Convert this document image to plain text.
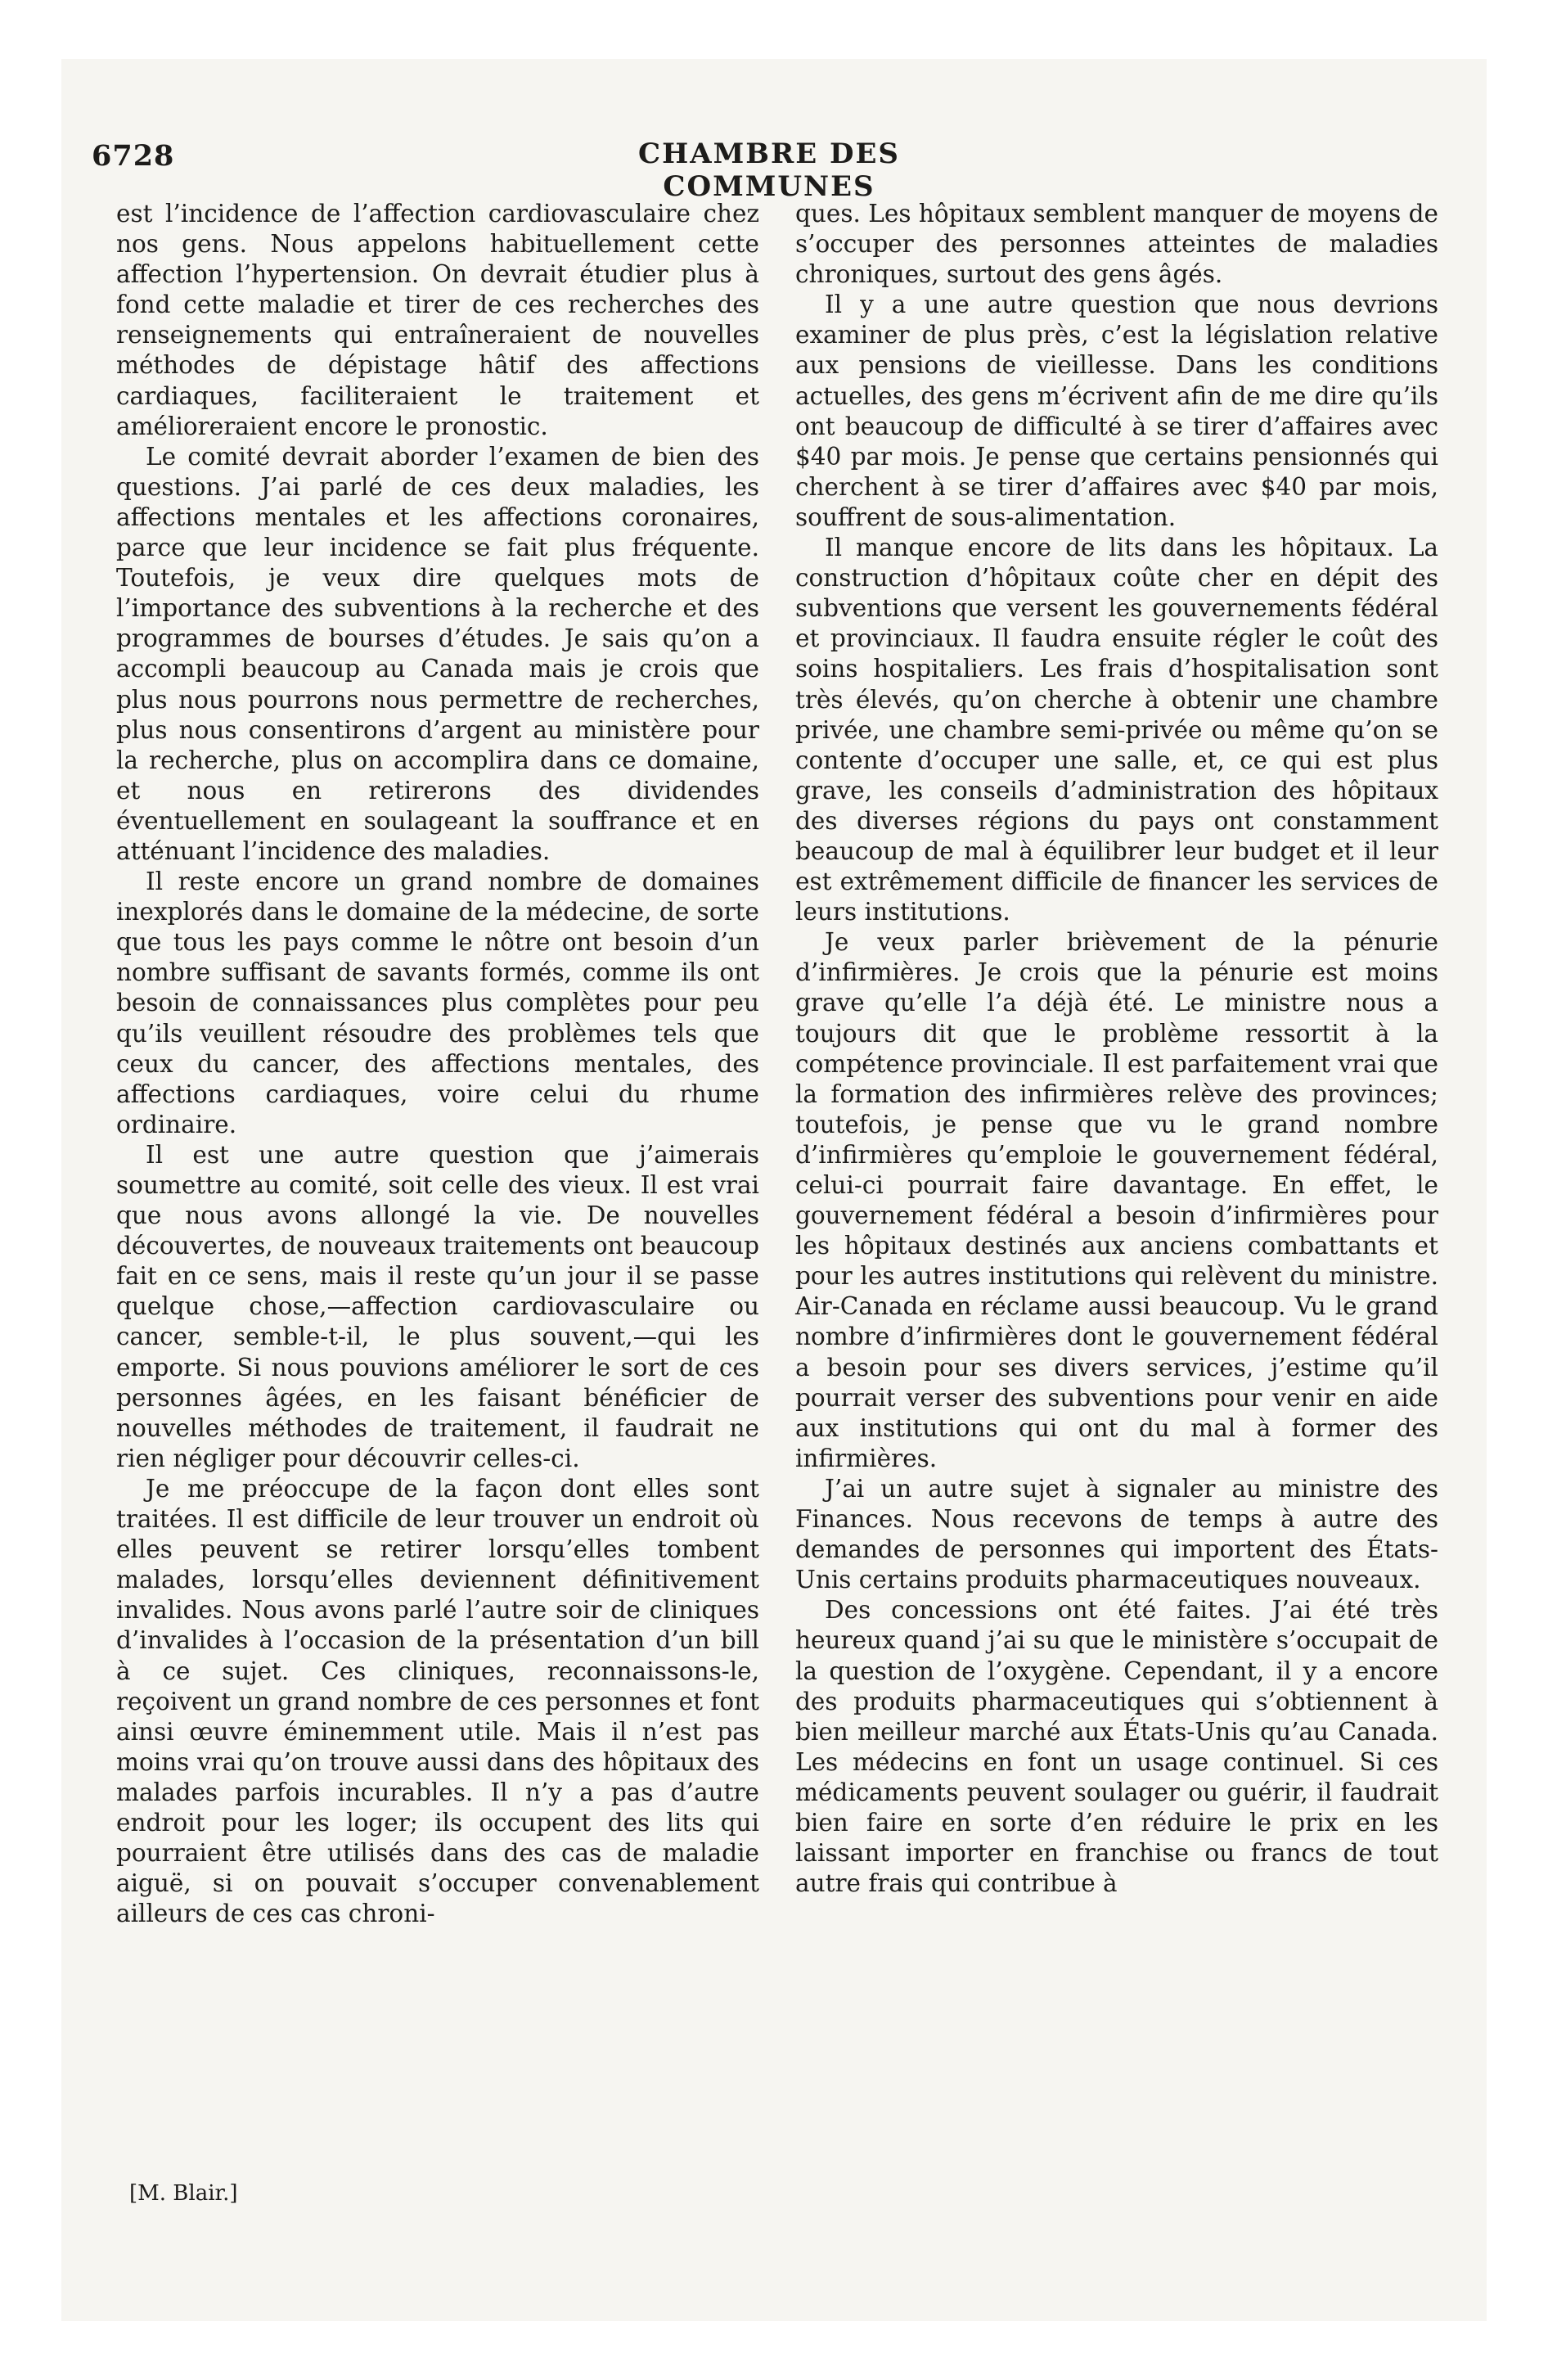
6728	CHAMBRE DES COMMUNES

est l’incidence de l’affection cardiovasculaire chez nos gens. Nous appelons habituellement cette affection l’hypertension. On devrait étudier plus à fond cette maladie et tirer de ces recherches des renseignements qui entraîneraient de nouvelles méthodes de dépistage hâtif des affections cardiaques, faciliteraient le traitement et amélioreraient encore le pronostic.

Le comité devrait aborder l’examen de bien des questions. J’ai parlé de ces deux maladies, les affections mentales et les affections coronaires, parce que leur incidence se fait plus fréquente. Toutefois, je veux dire quelques mots de l’importance des subventions à la recherche et des programmes de bourses d’études. Je sais qu’on a accompli beaucoup au Canada mais je crois que plus nous pourrons nous permettre de recherches, plus nous consentirons d’argent au ministère pour la recherche, plus on accomplira dans ce domaine, et nous en retirerons des dividendes éventuellement en soulageant la souffrance et en atténuant l’incidence des maladies.

Il reste encore un grand nombre de domaines inexplorés dans le domaine de la médecine, de sorte que tous les pays comme le nôtre ont besoin d’un nombre suffisant de savants formés, comme ils ont besoin de connaissances plus complètes pour peu qu’ils veuillent résoudre des problèmes tels que ceux du cancer, des affections mentales, des affections cardiaques, voire celui du rhume ordinaire.

Il est une autre question que j’aimerais soumettre au comité, soit celle des vieux. Il est vrai que nous avons allongé la vie. De nouvelles découvertes, de nouveaux traitements ont beaucoup fait en ce sens, mais il reste qu’un jour il se passe quelque chose,—affection cardiovasculaire ou cancer, semble-t-il, le plus souvent,—qui les emporte. Si nous pouvions améliorer le sort de ces personnes âgées, en les faisant bénéficier de nouvelles méthodes de traitement, il faudrait ne rien négliger pour découvrir celles-ci.

Je me préoccupe de la façon dont elles sont traitées. Il est difficile de leur trouver un endroit où elles peuvent se retirer lorsqu’elles tombent malades, lorsqu’elles deviennent définitivement invalides. Nous avons parlé l’autre soir de cliniques d’invalides à l’occasion de la présentation d’un bill à ce sujet. Ces cliniques, reconnaissons-le, reçoivent un grand nombre de ces personnes et font ainsi œuvre éminemment utile. Mais il n’est pas moins vrai qu’on trouve aussi dans des hôpitaux des malades parfois incurables. Il n’y a pas d’autre endroit pour les loger; ils occupent des lits qui pourraient être utilisés dans des cas de maladie aiguë, si on pouvait s’occuper convenablement ailleurs de ces cas chroni-

ques. Les hôpitaux semblent manquer de moyens de s’occuper des personnes atteintes de maladies chroniques, surtout des gens âgés.

Il y a une autre question que nous devrions examiner de plus près, c’est la législation relative aux pensions de vieillesse. Dans les conditions actuelles, des gens m’écrivent afin de me dire qu’ils ont beaucoup de difficulté à se tirer d’affaires avec $40 par mois. Je pense que certains pensionnés qui cherchent à se tirer d’affaires avec $40 par mois, souffrent de sous-alimentation.

Il manque encore de lits dans les hôpitaux. La construction d’hôpitaux coûte cher en dépit des subventions que versent les gouvernements fédéral et provinciaux. Il faudra ensuite régler le coût des soins hospitaliers. Les frais d’hospitalisation sont très élevés, qu’on cherche à obtenir une chambre privée, une chambre semi-privée ou même qu’on se contente d’occuper une salle, et, ce qui est plus grave, les conseils d’administration des hôpitaux des diverses régions du pays ont constamment beaucoup de mal à équilibrer leur budget et il leur est extrêmement difficile de financer les services de leurs institutions.

Je veux parler brièvement de la pénurie d’infirmières. Je crois que la pénurie est moins grave qu’elle l’a déjà été. Le ministre nous a toujours dit que le problème ressortit à la compétence provinciale. Il est parfaitement vrai que la formation des infirmières relève des provinces; toutefois, je pense que vu le grand nombre d’infirmières qu’emploie le gouvernement fédéral, celui-ci pourrait faire davantage. En effet, le gouvernement fédéral a besoin d’infirmières pour les hôpitaux destinés aux anciens combattants et pour les autres institutions qui relèvent du ministre. Air-Canada en réclame aussi beaucoup. Vu le grand nombre d’infirmières dont le gouvernement fédéral a besoin pour ses divers services, j’estime qu’il pourrait verser des subventions pour venir en aide aux institutions qui ont du mal à former des infirmières.

J’ai un autre sujet à signaler au ministre des Finances. Nous recevons de temps à autre des demandes de personnes qui importent des États-Unis certains produits pharmaceutiques nouveaux.

Des concessions ont été faites. J’ai été très heureux quand j’ai su que le ministère s’occupait de la question de l’oxygène. Cependant, il y a encore des produits pharmaceutiques qui s’obtiennent à bien meilleur marché aux États-Unis qu’au Canada. Les médecins en font un usage continuel. Si ces médicaments peuvent soulager ou guérir, il faudrait bien faire en sorte d’en réduire le prix en les laissant importer en franchise ou francs de tout autre frais qui contribue à

[M. Blair.]
